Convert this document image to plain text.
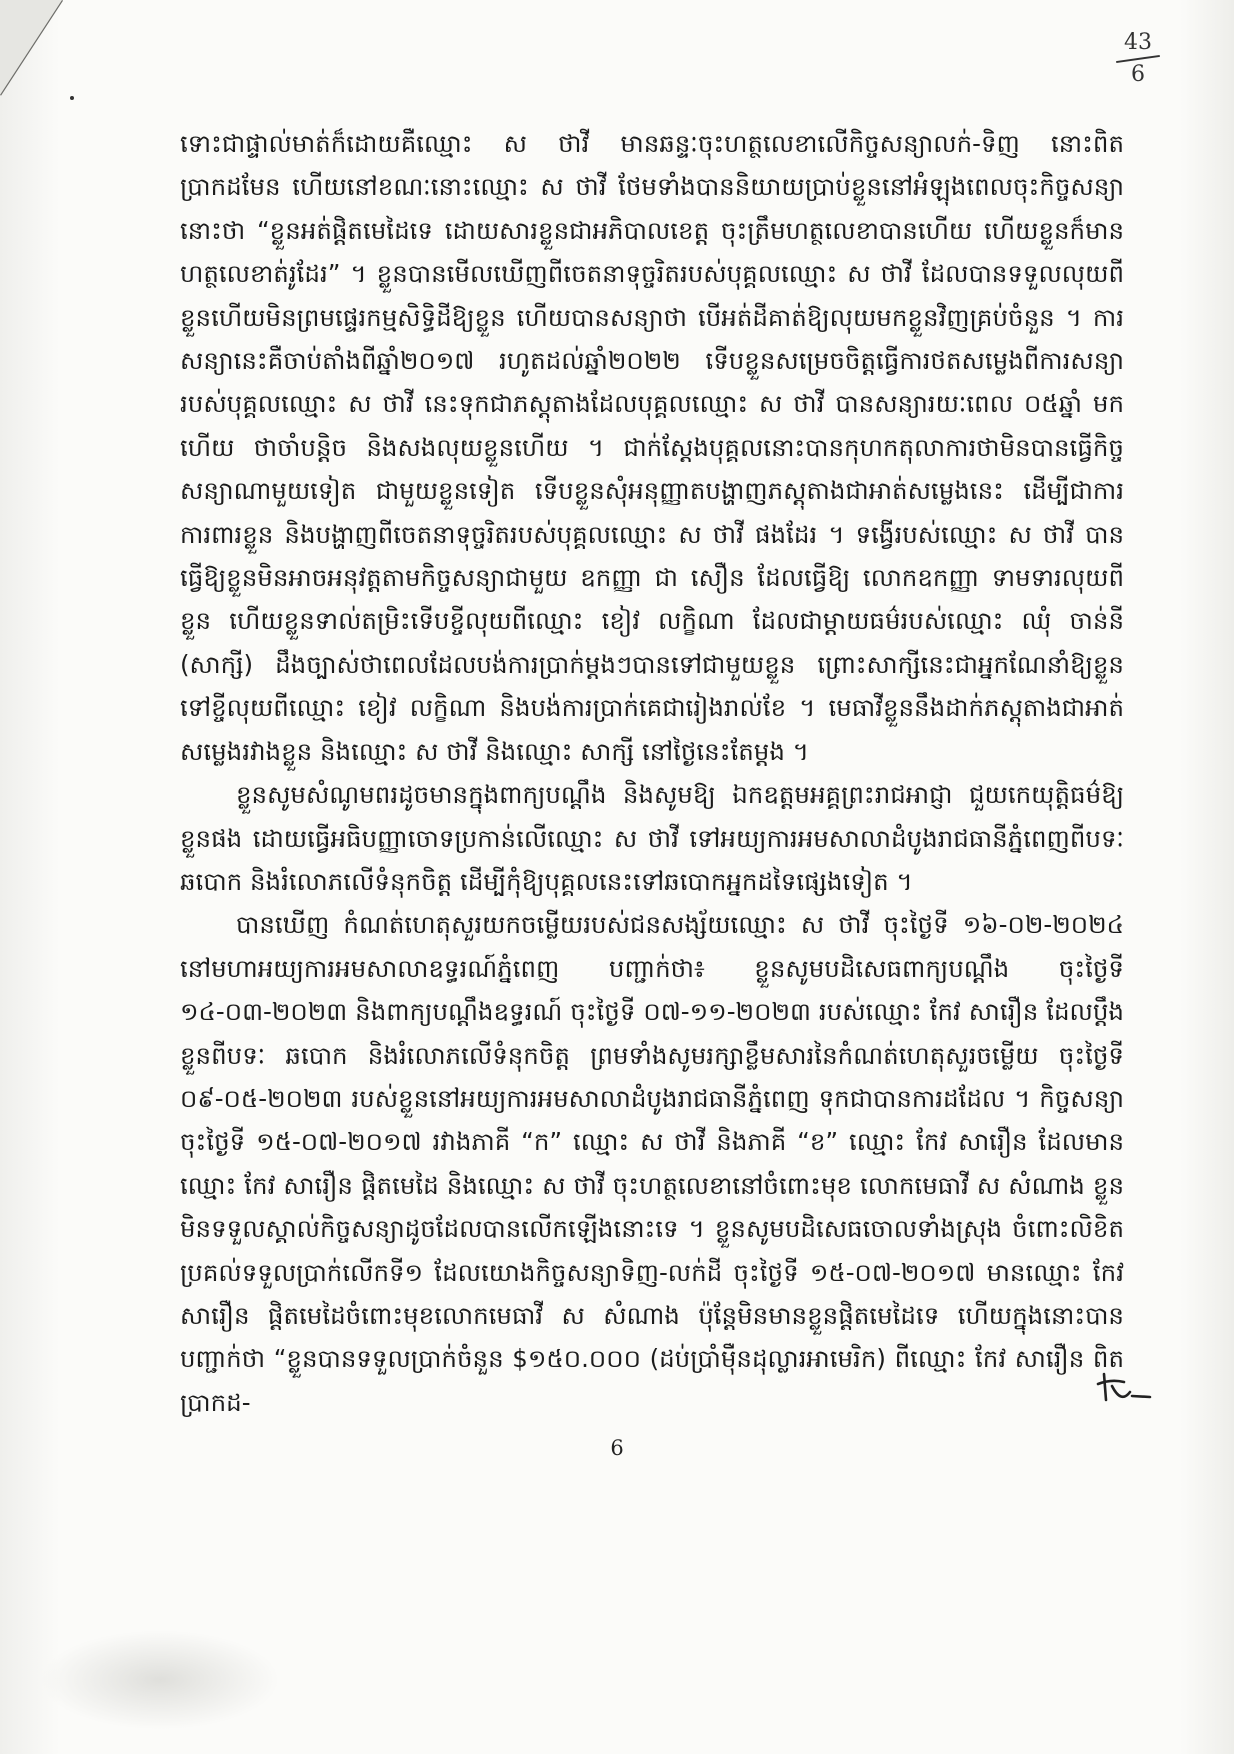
43
6

ទោះជាផ្ទាល់មាត់ក៏ដោយគឺឈ្មោះ ស ថាវី មានឆន្ទៈចុះហត្ថលេខាលើកិច្ចសន្យាលក់-ទិញ នោះពិតប្រាកដមែន ហើយនៅខណៈនោះឈ្មោះ ស ថាវី ថែមទាំងបាននិយាយប្រាប់ខ្លួននៅអំឡុងពេលចុះកិច្ចសន្យានោះថា “ខ្លួនអត់ផ្តិតមេដៃទេ ដោយសារខ្លួនជាអភិបាលខេត្ត ចុះត្រឹមហត្ថលេខាបានហើយ ហើយខ្លួនក៏មានហត្ថលេខាត់រូដែរ” ។ ខ្លួនបានមើលឃើញពីចេតនាទុច្ចរិតរបស់បុគ្គលឈ្មោះ ស ថាវី ដែលបានទទួលលុយពីខ្លួនហើយមិនព្រមផ្ទេរកម្មសិទ្ធិដីឱ្យខ្លួន ហើយបានសន្យាថា បើអត់ដីគាត់ឱ្យលុយមកខ្លួនវិញគ្រប់ចំនួន ។ ការសន្យានេះគឺចាប់តាំងពីឆ្នាំ២០១៧ រហូតដល់ឆ្នាំ២០២២ ទើបខ្លួនសម្រេចចិត្តធ្វើការថតសម្លេងពីការសន្យារបស់បុគ្គលឈ្មោះ ស ថាវី នេះទុកជាភស្តុតាងដែលបុគ្គលឈ្មោះ ស ថាវី បានសន្យារយៈពេល ០៥ឆ្នាំ មកហើយ ថាចាំបន្តិច និងសងលុយខ្លួនហើយ ។ ជាក់ស្តែងបុគ្គលនោះបានកុហកតុលាការថាមិនបានធ្វើកិច្ចសន្យាណាមួយទៀត ជាមួយខ្លួនទៀត ទើបខ្លួនសុំអនុញ្ញាតបង្ហាញភស្តុតាងជាអាត់សម្លេងនេះ ដើម្បីជាការការពារខ្លួន និងបង្ហាញពីចេតនាទុច្ចរិតរបស់បុគ្គលឈ្មោះ ស ថាវី ផងដែរ ។ ទង្វើរបស់ឈ្មោះ ស ថាវី បានធ្វើឱ្យខ្លួនមិនអាចអនុវត្តតាមកិច្ចសន្យាជាមួយ ឧកញ្ញា ជា សឿន ដែលធ្វើឱ្យ លោកឧកញ្ញា ទាមទារលុយពីខ្លួន ហើយខ្លួនទាល់តម្រិះទើបខ្ចីលុយពីឈ្មោះ ខៀវ លក្ខិណា ដែលជាម្តាយធម៌របស់ឈ្មោះ ឈុំ ចាន់នី (សាក្សី) ដឹងច្បាស់ថាពេលដែលបង់ការប្រាក់ម្តងៗបានទៅជាមួយខ្លួន ព្រោះសាក្សីនេះជាអ្នកណែនាំឱ្យខ្លួនទៅខ្ចីលុយពីឈ្មោះ ខៀវ លក្ខិណា និងបង់ការប្រាក់គេជារៀងរាល់ខែ ។ មេធាវីខ្លួននឹងដាក់ភស្តុតាងជាអាត់សម្លេងរវាងខ្លួន និងឈ្មោះ ស ថាវី និងឈ្មោះ សាក្សី នៅថ្ងៃនេះតែម្តង ។

ខ្លួនសូមសំណូមពរដូចមានក្នុងពាក្យបណ្តឹង និងសូមឱ្យ ឯកឧត្តមអគ្គព្រះរាជអាជ្ញា ជួយកេយុត្តិធម៌ឱ្យខ្លួនផង ដោយធ្វើអធិបញ្ញាចោទប្រកាន់លើឈ្មោះ ស ថាវី ទៅអយ្យការអមសាលាដំបូងរាជធានីភ្នំពេញពីបទៈ ឆបោក និងរំលោភលើទំនុកចិត្ត ដើម្បីកុំឱ្យបុគ្គលនេះទៅឆបោកអ្នកដទៃផ្សេងទៀត ។

បានឃើញ កំណត់ហេតុសួរយកចម្លើយរបស់ជនសង្ស័យឈ្មោះ ស ថាវី ចុះថ្ងៃទី ១៦-០២-២០២៤ នៅមហាអយ្យការអមសាលាឧទ្ធរណ៍ភ្នំពេញ បញ្ជាក់ថា៖ ខ្លួនសូមបដិសេធពាក្យបណ្តឹង ចុះថ្ងៃទី ១៤-០៣-២០២៣ និងពាក្យបណ្តឹងឧទ្ធរណ៍ ចុះថ្ងៃទី ០៧-១១-២០២៣ របស់ឈ្មោះ កែវ សារឿន ដែលប្តឹងខ្លួនពីបទៈ ឆបោក និងរំលោភលើទំនុកចិត្ត ព្រមទាំងសូមរក្សាខ្លឹមសារនៃកំណត់ហេតុសួរចម្លើយ ចុះថ្ងៃទី ០៩-០៥-២០២៣ របស់ខ្លួននៅអយ្យការអមសាលាដំបូងរាជធានីភ្នំពេញ ទុកជាបានការដដែល ។ កិច្ចសន្យា ចុះថ្ងៃទី ១៥-០៧-២០១៧ រវាងភាគី “ក” ឈ្មោះ ស ថាវី និងភាគី “ខ” ឈ្មោះ កែវ សារឿន ដែលមានឈ្មោះ កែវ សារឿន ផ្តិតមេដៃ និងឈ្មោះ ស ថាវី ចុះហត្ថលេខានៅចំពោះមុខ លោកមេធាវី ស សំណាង ខ្លួនមិនទទួលស្គាល់កិច្ចសន្យាដូចដែលបានលើកឡើងនោះទេ ។ ខ្លួនសូមបដិសេធចោលទាំងស្រុង ចំពោះលិខិតប្រគល់ទទួលប្រាក់លើកទី១ ដែលយោងកិច្ចសន្យាទិញ-លក់ដី ចុះថ្ងៃទី ១៥-០៧-២០១៧ មានឈ្មោះ កែវ សារឿន ផ្តិតមេដៃចំពោះមុខលោកមេធាវី ស សំណាង ប៉ុន្តែមិនមានខ្លួនផ្តិតមេដៃទេ ហើយក្នុងនោះបានបញ្ជាក់ថា “ខ្លួនបានទទួលប្រាក់ចំនួន $១៥០.០០០ (ដប់ប្រាំម៉ឺនដុល្លារអាមេរិក) ពីឈ្មោះ កែវ សារឿន ពិតប្រាកដ-

6
